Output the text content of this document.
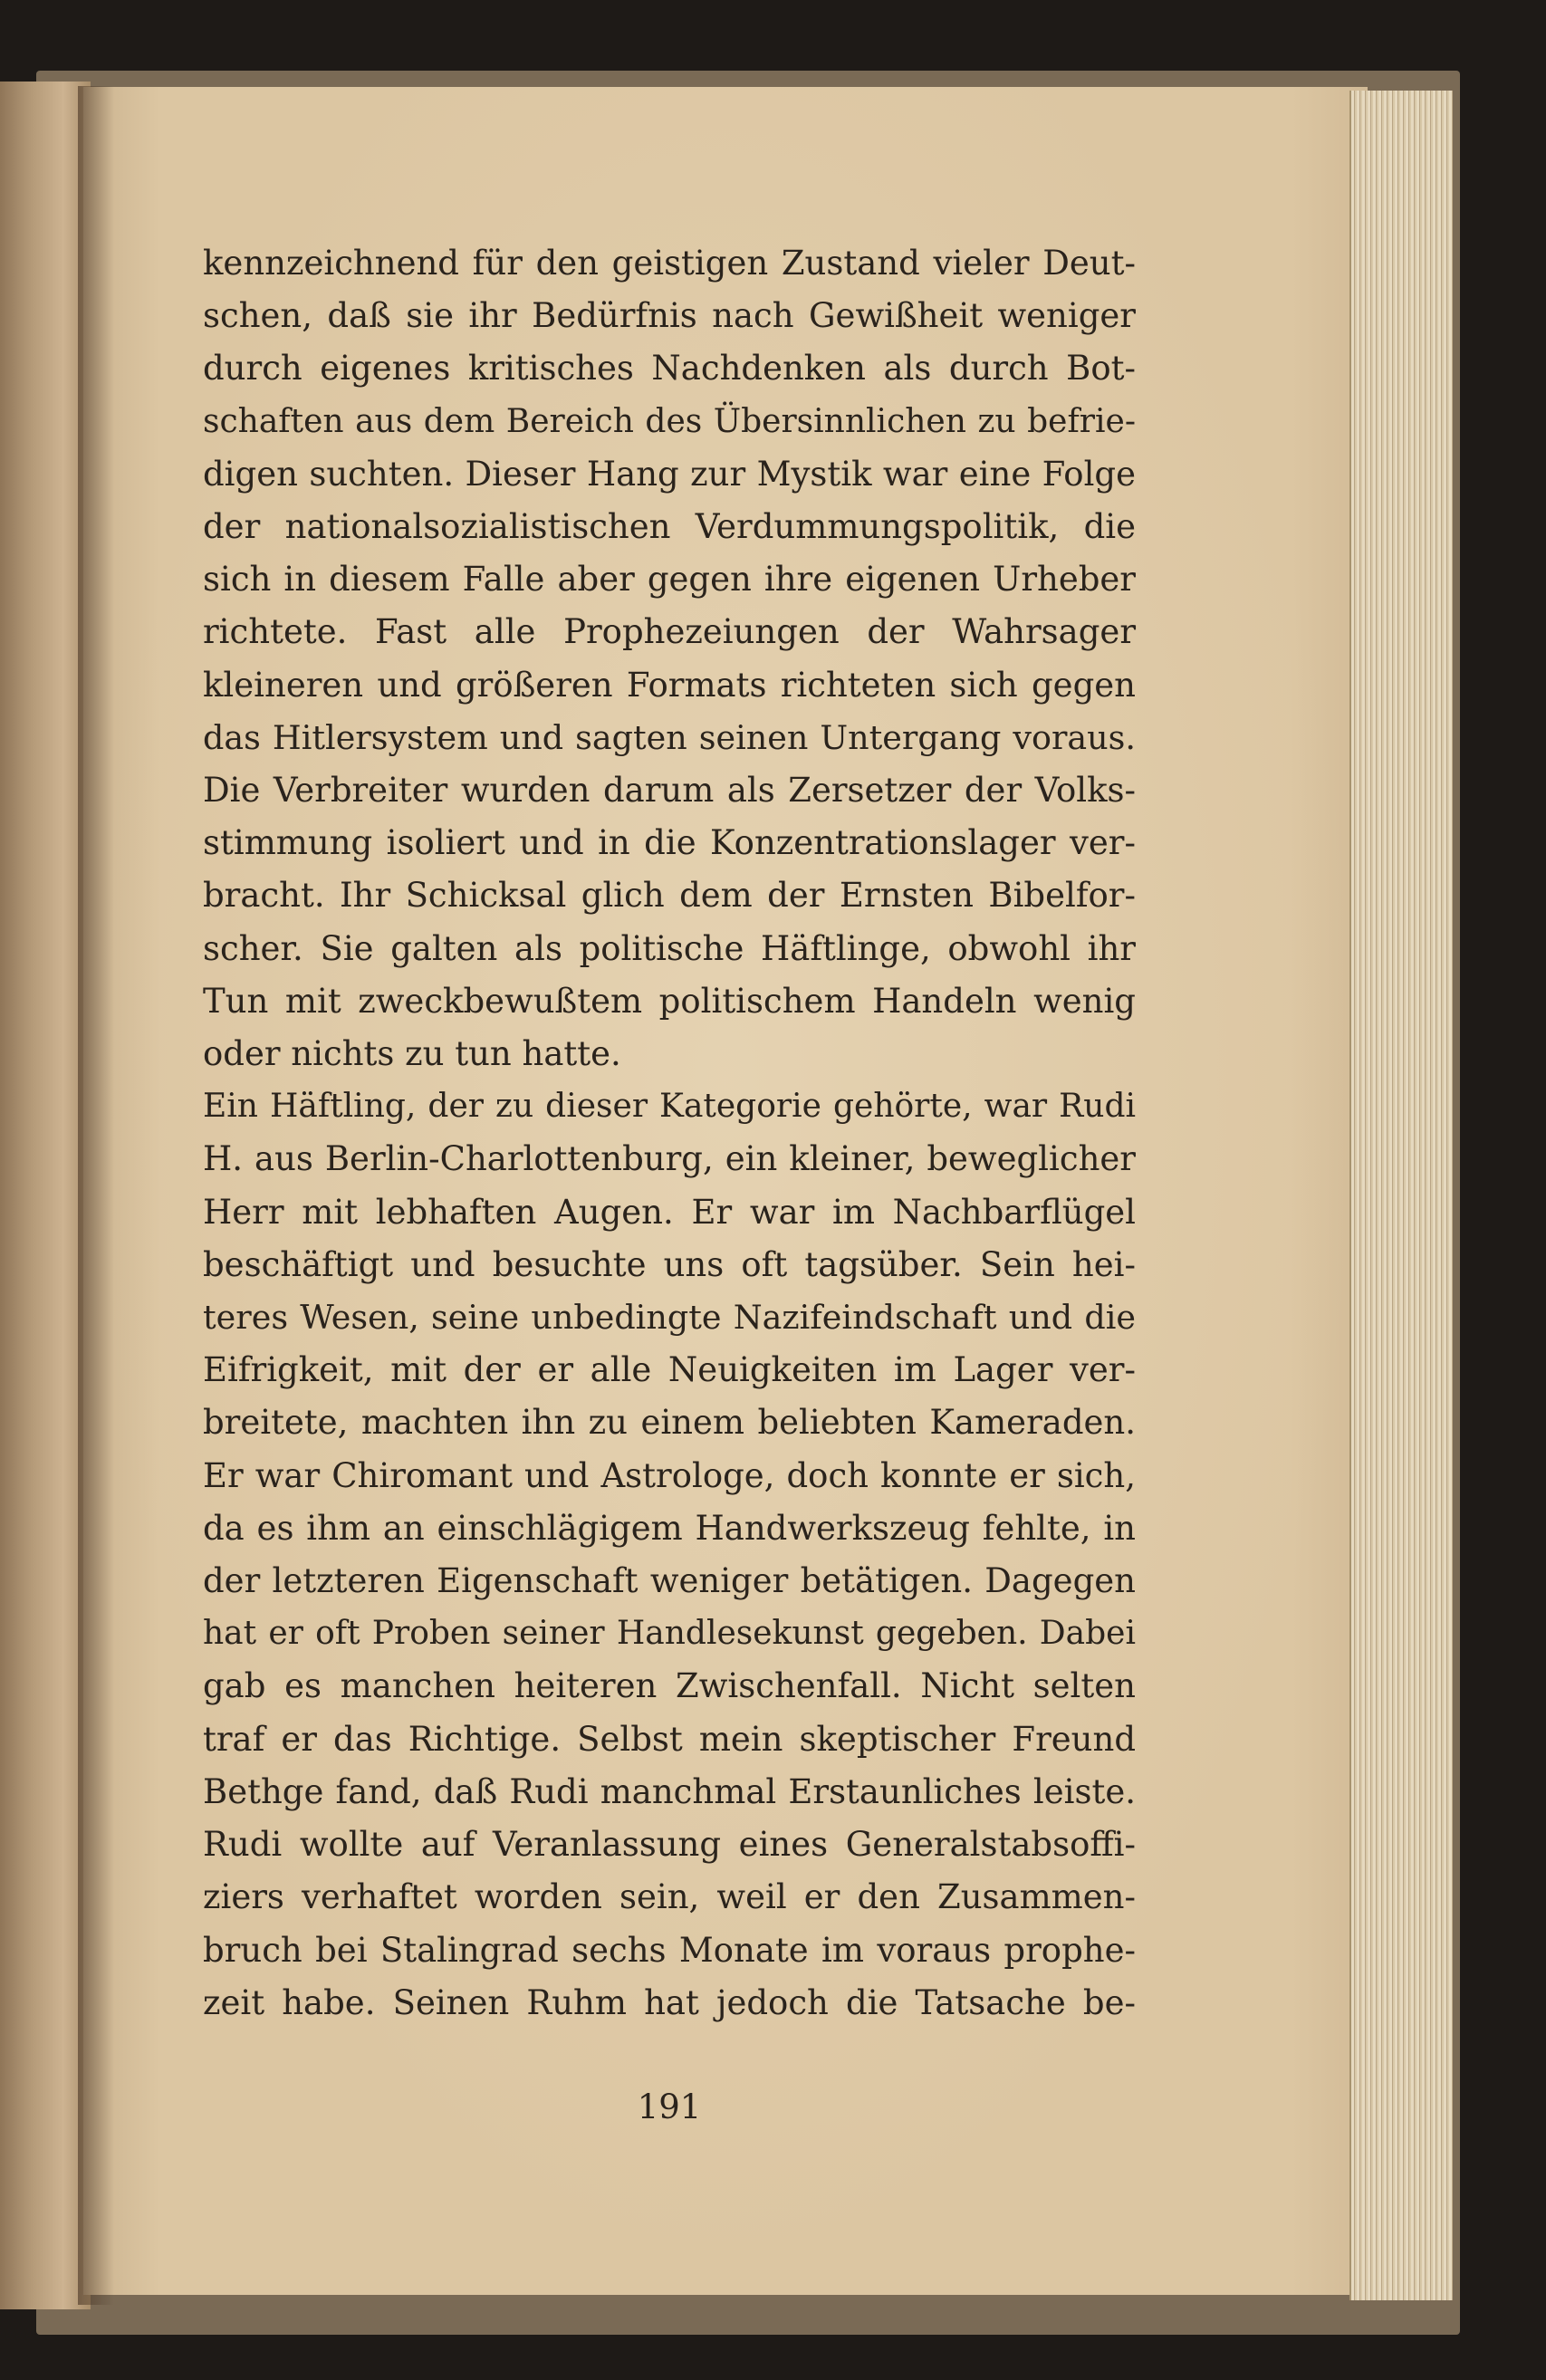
kennzeichnend für den geistigen Zustand vieler Deut-
schen, daß sie ihr Bedürfnis nach Gewißheit weniger
durch eigenes kritisches Nachdenken als durch Bot-
schaften aus dem Bereich des Übersinnlichen zu befrie-
digen suchten. Dieser Hang zur Mystik war eine Folge
der nationalsozialistischen Verdummungspolitik, die
sich in diesem Falle aber gegen ihre eigenen Urheber
richtete. Fast alle Prophezeiungen der Wahrsager
kleineren und größeren Formats richteten sich gegen
das Hitlersystem und sagten seinen Untergang voraus.
Die Verbreiter wurden darum als Zersetzer der Volks-
stimmung isoliert und in die Konzentrationslager ver-
bracht. Ihr Schicksal glich dem der Ernsten Bibelfor-
scher. Sie galten als politische Häftlinge, obwohl ihr
Tun mit zweckbewußtem politischem Handeln wenig
oder nichts zu tun hatte.
Ein Häftling, der zu dieser Kategorie gehörte, war Rudi
H. aus Berlin-Charlottenburg, ein kleiner, beweglicher
Herr mit lebhaften Augen. Er war im Nachbarflügel
beschäftigt und besuchte uns oft tagsüber. Sein hei-
teres Wesen, seine unbedingte Nazifeindschaft und die
Eifrigkeit, mit der er alle Neuigkeiten im Lager ver-
breitete, machten ihn zu einem beliebten Kameraden.
Er war Chiromant und Astrologe, doch konnte er sich,
da es ihm an einschlägigem Handwerkszeug fehlte, in
der letzteren Eigenschaft weniger betätigen. Dagegen
hat er oft Proben seiner Handlesekunst gegeben. Dabei
gab es manchen heiteren Zwischenfall. Nicht selten
traf er das Richtige. Selbst mein skeptischer Freund
Bethge fand, daß Rudi manchmal Erstaunliches leiste.
Rudi wollte auf Veranlassung eines Generalstabsoffi-
ziers verhaftet worden sein, weil er den Zusammen-
bruch bei Stalingrad sechs Monate im voraus prophe-
zeit habe. Seinen Ruhm hat jedoch die Tatsache be-
191
